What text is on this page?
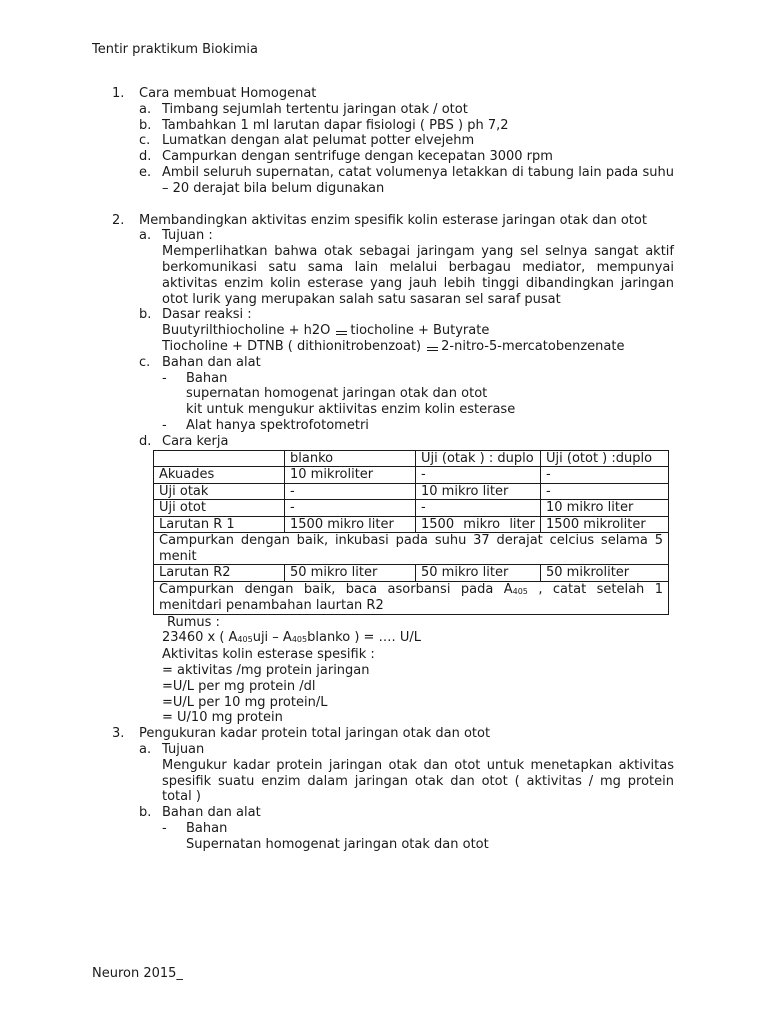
Tentir praktikum Biokimia
1.	Cara membuat Homogenat
a. Timbang sejumlah tertentu jaringan otak / otot
b. Tambahkan 1 ml larutan dapar fisiologi ( PBS ) ph 7,2
c. Lumatkan dengan alat pelumat potter elvejehm
d. Campurkan dengan sentrifuge dengan kecepatan 3000 rpm
e. Ambil seluruh supernatan, catat volumenya letakkan di tabung lain pada suhu – 20 derajat bila belum digunakan
2.	Membandingkan aktivitas enzim spesifik kolin esterase jaringan otak dan otot
a. Tujuan :
Memperlihatkan bahwa otak sebagai jaringam yang sel selnya sangat aktif berkomunikasi satu sama lain melalui berbagau mediator, mempunyai aktivitas enzim kolin esterase yang jauh lebih tinggi dibandingkan jaringan otot lurik yang merupakan salah satu sasaran sel saraf pusat
b. Dasar reaksi :
Buutyrilthiocholine + h2O tiocholine + Butyrate
Tiocholine + DTNB ( dithionitrobenzoat) 2-nitro-5-mercatobenzenate
c. Bahan dan alat
-	Bahan
supernatan homogenat jaringan otak dan otot
kit untuk mengukur aktiivitas enzim kolin esterase
-	Alat hanya spektrofotometri
d. Cara kerja
	blanko	Uji (otak ) : duplo	Uji (otot ) :duplo
Akuades	10 mikroliter	-	-
Uji otak	-	10 mikro liter	-
Uji otot	-	-	10 mikro liter
Larutan R 1	1500 mikro liter	1500 mikro liter	1500 mikroliter
Campurkan dengan baik, inkubasi pada suhu 37 derajat celcius selama 5 menit			
Larutan R2	50 mikro liter	50 mikro liter	50 mikroliter
Campurkan dengan baik, baca asorbansi pada $A_{405}$ , catat setelah 1 menitdari penambahan laurtan R2			
Rumus :
23460 x ( $A_{405}uji$ – $A_{405}blanko$ ) = …. U/L
Aktivitas kolin esterase spesifik :
= aktivitas /mg protein jaringan
=U/L per mg protein /dl
=U/L per 10 mg protein/L
= U/10 mg protein
3.	Pengukuran kadar protein total jaringan otak dan otot
a. Tujuan
Mengukur kadar protein jaringan otak dan otot untuk menetapkan aktivitas spesifik suatu enzim dalam jaringan otak dan otot ( aktivitas / mg protein total )
b. Bahan dan alat
-	Bahan
Supernatan homogenat jaringan otak dan otot
Neuron 2015_
